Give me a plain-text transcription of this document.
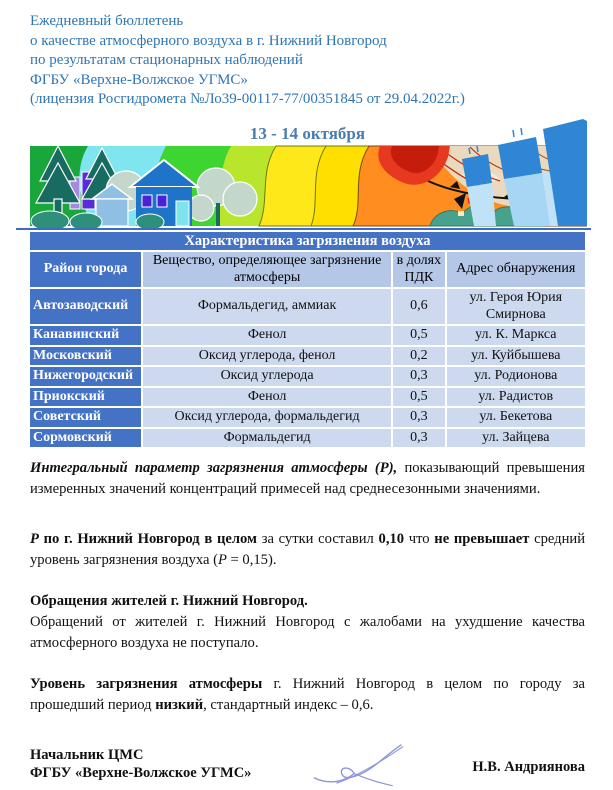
Ежедневный бюллетень
о качестве атмосферного воздуха в г. Нижний Новгород
по результатам стационарных наблюдений
ФГБУ «Верхне-Волжское УГМС»
(лицензия Росгидромета №Ло39-00117-77/00351845 от 29.04.2022г.)
13 - 14 октября
Характеристика загрязнения воздуха			
Район города	Вещество, определяющее загрязнение атмосферы	в долях ПДК	Адрес обнаружения
Автозаводский	Формальдегид, аммиак	0,6	ул. Героя Юрия Смирнова
Канавинский	Фенол	0,5	ул. К. Маркса
Московский	Оксид углерода, фенол	0,2	ул. Куйбышева
Нижегородский	Оксид углерода	0,3	ул. Родионова
Приокский	Фенол	0,5	ул. Радистов
Советский	Оксид углерода, формальдегид	0,3	ул. Бекетова
Сормовский	Формальдегид	0,3	ул. Зайцева
Интегральный параметр загрязнения атмосферы (Р), показывающий превышения измеренных значений концентраций примесей над среднесезонными значениями.
Р по г. Нижний Новгород в целом за сутки составил 0,10 что не превышает средний уровень загрязнения воздуха (Р = 0,15).
Обращения жителей г. Нижний Новгород.
Обращений от жителей г. Нижний Новгород с жалобами на ухудшение качества атмосферного воздуха не поступало.
Уровень загрязнения атмосферы г. Нижний Новгород в целом по городу за прошедший период низкий, стандартный индекс – 0,6.
Начальник ЦМС
ФГБУ «Верхне-Волжское УГМС»	Н.В. Андриянова
